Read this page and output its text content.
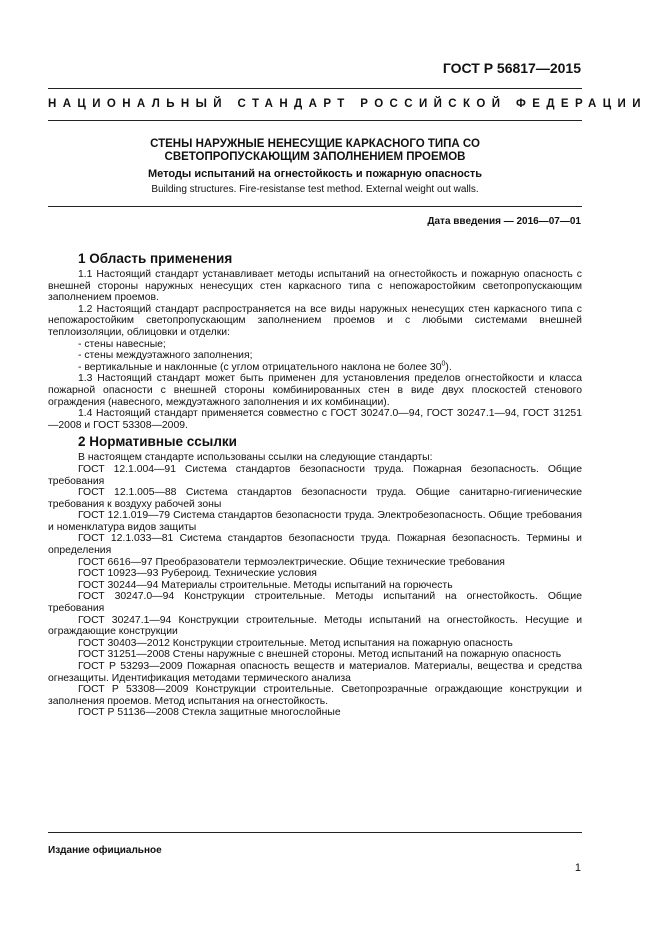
ГОСТ Р 56817—2015
НАЦИОНАЛЬНЫЙ СТАНДАРТ РОССИЙСКОЙ ФЕДЕРАЦИИ
СТЕНЫ НАРУЖНЫЕ НЕНЕСУЩИЕ КАРКАСНОГО ТИПА СО
СВЕТОПРОПУСКАЮЩИМ ЗАПОЛНЕНИЕМ ПРОЕМОВ
Методы испытаний на огнестойкость и пожарную опасность
Building structures. Fire-resistanse test method. External weight out walls.
Дата введения — 2016—07—01
1 Область применения

1.1 Настоящий стандарт устанавливает методы испытаний на огнестойкость и пожарную опасность с внешней стороны наружных ненесущих стен каркасного типа с непожаростойким светопропускающим заполнением проемов.

1.2 Настоящий стандарт распространяется на все виды наружных ненесущих стен каркасного типа с непожаростойким светопропускающим заполнением проемов и с любыми системами внешней теплоизоляции, облицовки и отделки:

- стены навесные;

- стены междуэтажного заполнения;

- вертикальные и наклонные (с углом отрицательного наклона не более $30^0$).

1.3 Настоящий стандарт может быть применен для установления пределов огнестойкости и класса пожарной опасности с внешней стороны комбинированных стен в виде двух плоскостей стенового ограждения (навесного, междуэтажного заполнения и их комбинации).

1.4 Настоящий стандарт применяется совместно с ГОСТ 30247.0—94, ГОСТ 30247.1—94, ГОСТ 31251—2008 и ГОСТ 53308—2009.

2 Нормативные ссылки

В настоящем стандарте использованы ссылки на следующие стандарты:

ГОСТ 12.1.004—91 Система стандартов безопасности труда. Пожарная безопасность. Общие требования

ГОСТ 12.1.005—88 Система стандартов безопасности труда. Общие санитарно-гигиенические требования к воздуху рабочей зоны

ГОСТ 12.1.019—79 Система стандартов безопасности труда. Электробезопасность. Общие требования и номенклатура видов защиты

ГОСТ 12.1.033—81 Система стандартов безопасности труда. Пожарная безопасность. Термины и определения

ГОСТ 6616—97 Преобразователи термоэлектрические. Общие технические требования

ГОСТ 10923—93 Рубероид. Технические условия

ГОСТ 30244—94 Материалы строительные. Методы испытаний на горючесть

ГОСТ 30247.0—94 Конструкции строительные. Методы испытаний на огнестойкость. Общие требования

ГОСТ 30247.1—94 Конструкции строительные. Методы испытаний на огнестойкость. Несущие и ограждающие конструкции

ГОСТ 30403—2012 Конструкции строительные. Метод испытания на пожарную опасность

ГОСТ 31251—2008 Стены наружные с внешней стороны. Метод испытаний на пожарную опасность

ГОСТ Р 53293—2009 Пожарная опасность веществ и материалов. Материалы, вещества и средства огнезащиты. Идентификация методами термического анализа

ГОСТ Р 53308—2009 Конструкции строительные. Светопрозрачные ограждающие конструкции и заполнения проемов. Метод испытания на огнестойкость.

ГОСТ Р 51136—2008 Стекла защитные многослойные

Издание официальное
1
